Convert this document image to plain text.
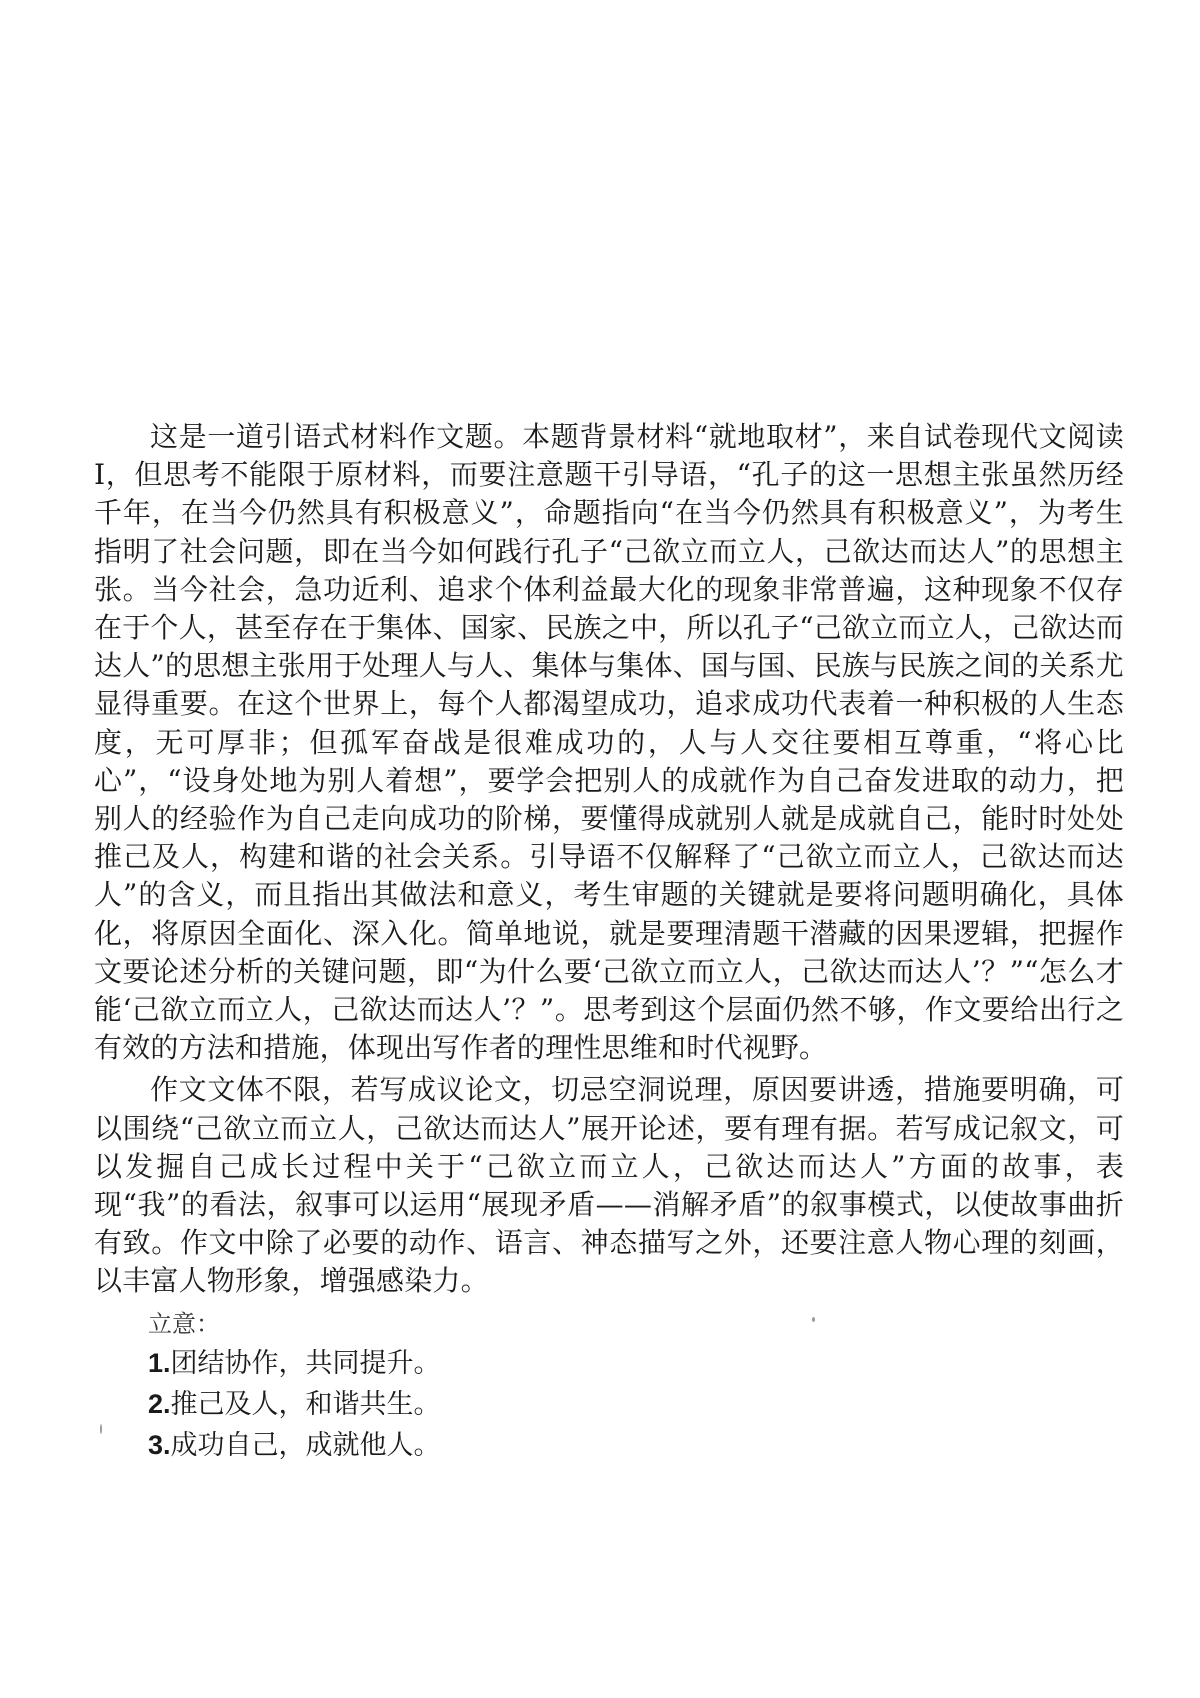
这是一道引语式材料作文题。本题背景材料“就地取材”，来自试卷现代文阅读Ⅰ，但思考不能限于原材料，而要注意题干引导语，“孔子的这一思想主张虽然历经千年，在当今仍然具有积极意义”，命题指向“在当今仍然具有积极意义”，为考生指明了社会问题，即在当今如何践行孔子“己欲立而立人，己欲达而达人”的思想主张。当今社会，急功近利、追求个体利益最大化的现象非常普遍，这种现象不仅存在于个人，甚至存在于集体、国家、民族之中，所以孔子“己欲立而立人，己欲达而达人”的思想主张用于处理人与人、集体与集体、国与国、民族与民族之间的关系尤显得重要。在这个世界上，每个人都渴望成功，追求成功代表着一种积极的人生态度，无可厚非；但孤军奋战是很难成功的，人与人交往要相互尊重，“将心比心”，“设身处地为别人着想”，要学会把别人的成就作为自己奋发进取的动力，把别人的经验作为自己走向成功的阶梯，要懂得成就别人就是成就自己，能时时处处推己及人，构建和谐的社会关系。引导语不仅解释了“己欲立而立人，己欲达而达人”的含义，而且指出其做法和意义，考生审题的关键就是要将问题明确化，具体化，将原因全面化、深入化。简单地说，就是要理清题干潜藏的因果逻辑，把握作文要论述分析的关键问题，即“为什么要‘己欲立而立人，己欲达而达人’？”“怎么才能‘己欲立而立人，己欲达而达人’？”。思考到这个层面仍然不够，作文要给出行之有效的方法和措施，体现出写作者的理性思维和时代视野。

作文文体不限，若写成议论文，切忌空洞说理，原因要讲透，措施要明确，可以围绕“己欲立而立人，己欲达而达人”展开论述，要有理有据。若写成记叙文，可以发掘自己成长过程中关于“己欲立而立人，己欲达而达人”方面的故事，表现“我”的看法，叙事可以运用“展现矛盾——消解矛盾”的叙事模式，以使故事曲折有致。作文中除了必要的动作、语言、神态描写之外，还要注意人物心理的刻画，以丰富人物形象，增强感染力。

立意：
1.团结协作，共同提升。
2.推己及人，和谐共生。
3.成功自己，成就他人。
